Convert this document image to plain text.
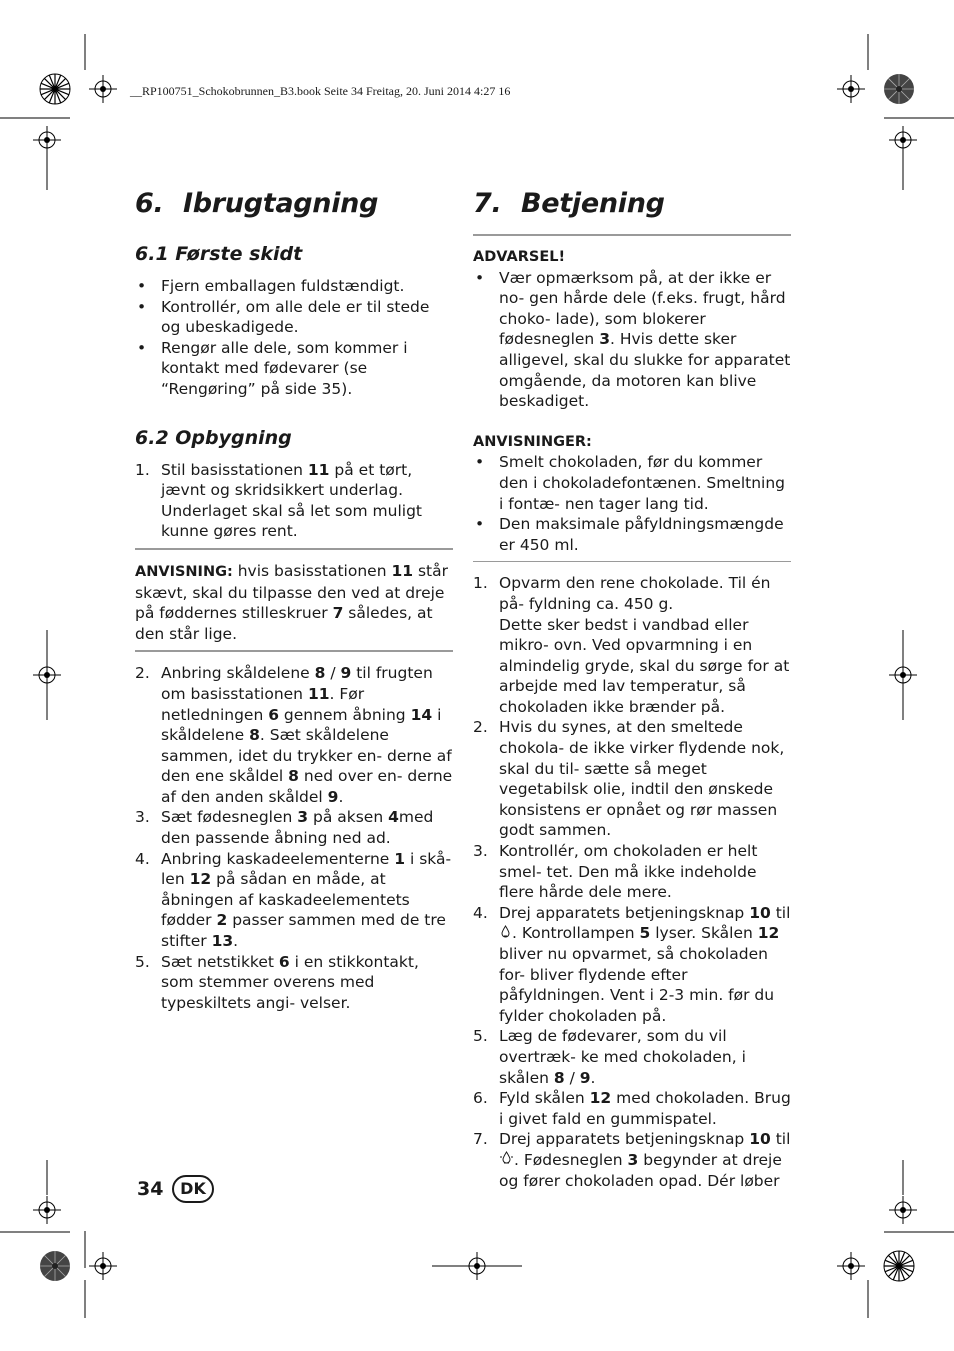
__RP100751_Schokobrunnen_B3.book Seite 34 Freitag, 20. Juni 2014 4:27 16
6. Ibrugtagning
6.1 Første skidt
• Fjern emballagen fuldstændigt.
• Kontrollér, om alle dele er til stede og ubeskadigede.
• Rengør alle dele, som kommer i kontakt med fødevarer (se “Rengøring” på side 35).
6.2 Opbygning
1. Stil basisstationen 11 på et tørt, jævnt og skridsikkert underlag. Underlaget skal så let som muligt kunne gøres rent.
ANVISNING: hvis basisstationen 11 står skævt, skal du tilpasse den ved at dreje på føddernes stilleskruer 7 således, at den står lige.
2. Anbring skåldelene 8 / 9 til frugten om basisstationen 11. Før netledningen 6 gennem åbning 14 i skåldelene 8. Sæt skåldelene sammen, idet du trykker en- derne af den ene skåldel 8 ned over en- derne af den anden skåldel 9.
3. Sæt fødesneglen 3 på aksen 4med den passende åbning ned ad.
4. Anbring kaskadeelementerne 1 i skå- len 12 på sådan en måde, at åbningen af kaskadeelementets fødder 2 passer sammen med de tre stifter 13.
5. Sæt netstikket 6 i en stikkontakt, som stemmer overens med typeskiltets angi- velser.
7. Betjening
ADVARSEL!
• Vær opmærksom på, at der ikke er no- gen hårde dele (f.eks. frugt, hård choko- lade), som blokerer fødesneglen 3. Hvis dette sker alligevel, skal du slukke for apparatet omgående, da motoren kan blive beskadiget.
ANVISNINGER:
• Smelt chokoladen, før du kommer den i chokoladefontænen. Smeltning i fontæ- nen tager lang tid.
• Den maksimale påfyldningsmængde er 450 ml.
1. Opvarm den rene chokolade. Til én på- fyldning ca. 450 g.
Dette sker bedst i vandbad eller mikro- ovn. Ved opvarmning i en almindelig gryde, skal du sørge for at arbejde med lav temperatur, så chokoladen ikke brænder på.
2. Hvis du synes, at den smeltede chokola- de ikke virker flydende nok, skal du til- sætte så meget vegetabilsk olie, indtil den ønskede konsistens er opnået og rør massen godt sammen.
3. Kontrollér, om chokoladen er helt smel- tet. Den må ikke indeholde flere hårde dele mere.
4. Drej apparatets betjeningsknap 10 til . Kontrollampen 5 lyser. Skålen 12 bliver nu opvarmet, så chokoladen for- bliver flydende efter påfyldningen. Vent i 2-3 min. før du fylder chokoladen på.
5. Læg de fødevarer, som du vil overtræk- ke med chokoladen, i skålen 8 / 9.
6. Fyld skålen 12 med chokoladen. Brug i givet fald en gummispatel.
7. Drej apparatets betjeningsknap 10 til . Fødesneglen 3 begynder at dreje og fører chokoladen opad. Dér løber
34	DK
